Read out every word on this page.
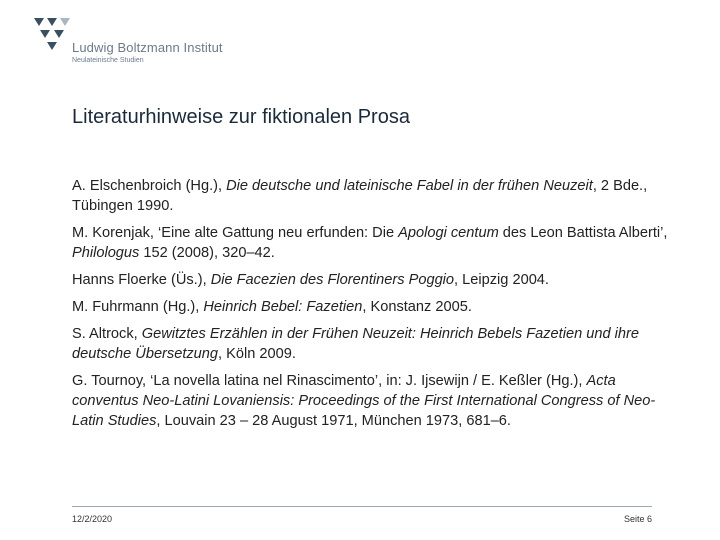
Ludwig Boltzmann Institut
Neulateinische Studien
Literaturhinweise zur fiktionalen Prosa

A. Elschenbroich (Hg.), Die deutsche und lateinische Fabel in der frühen Neuzeit, 2 Bde., Tübingen 1990.

M. Korenjak, ‘Eine alte Gattung neu erfunden: Die Apologi centum des Leon Battista Alberti’, Philologus 152 (2008), 320–42.

Hanns Floerke (Üs.), Die Facezien des Florentiners Poggio, Leipzig 2004.

M. Fuhrmann (Hg.), Heinrich Bebel: Fazetien, Konstanz 2005.

S. Altrock, Gewitztes Erzählen in der Frühen Neuzeit: Heinrich Bebels Fazetien und ihre deutsche Übersetzung, Köln 2009.

G. Tournoy, ‘La novella latina nel Rinascimento’, in: J. Ijsewijn / E. Keßler (Hg.), Acta conventus Neo-Latini Lovaniensis: Proceedings of the First International Congress of Neo-Latin Studies, Louvain 23 – 28 August 1971, München 1973, 681–6.

12/2/2020	Seite 6
